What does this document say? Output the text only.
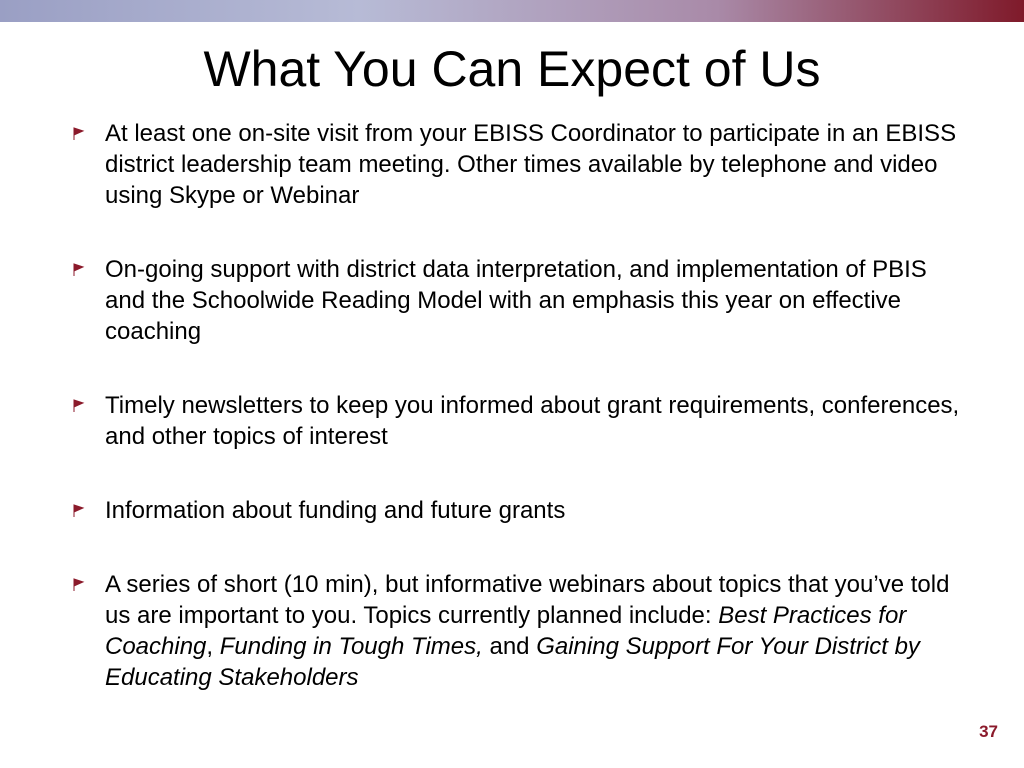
What You Can Expect of Us
At least one on-site visit from your EBISS Coordinator to participate in an EBISS district leadership team meeting. Other times available by telephone and video using Skype or Webinar
On-going support with district data interpretation, and implementation of PBIS and the Schoolwide Reading Model with an emphasis this year on effective coaching
Timely newsletters to keep you informed about grant requirements, conferences, and other topics of interest
Information about funding and future grants
A series of short (10 min), but informative webinars about topics that you’ve told us are important to you. Topics currently planned include: Best Practices for Coaching, Funding in Tough Times, and Gaining Support For Your District by Educating Stakeholders
37
